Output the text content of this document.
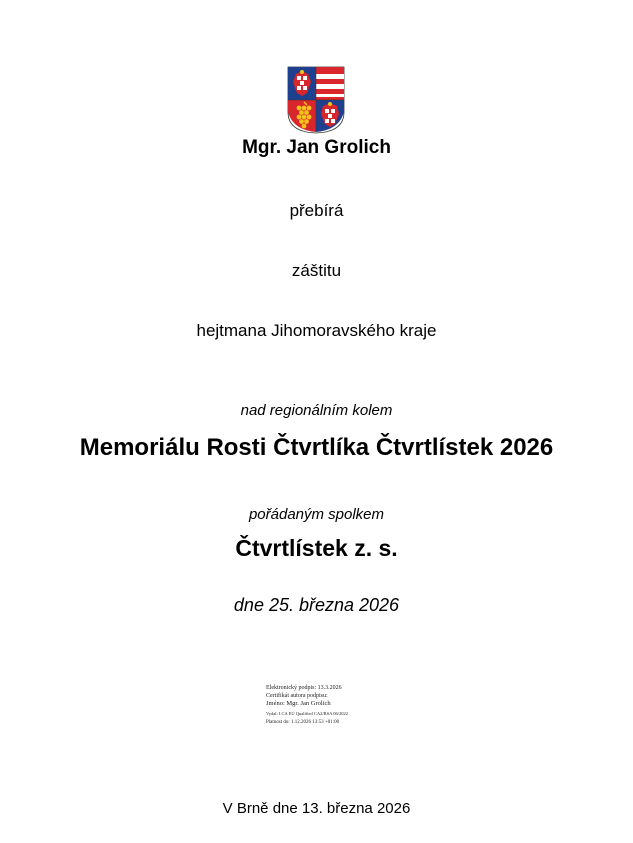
Mgr. Jan Grolich
přebírá
záštitu
hejtmana Jihomoravského kraje
nad regionálním kolem
Memoriálu Rosti Čtvrtlíka Čtvrtlístek 2026
pořádaným spolkem
Čtvrtlístek z. s.
dne 25. března 2026
Elektronický podpis: 13.3.2026
Certifikát autora podpisu:
Jméno: Mgr. Jan Grolich
Vydal: I.CA EU Qualified CA2/RSA 06/2022
Platnost do: 1.12.2026 13:53 +01:00
V Brně dne 13. března 2026
